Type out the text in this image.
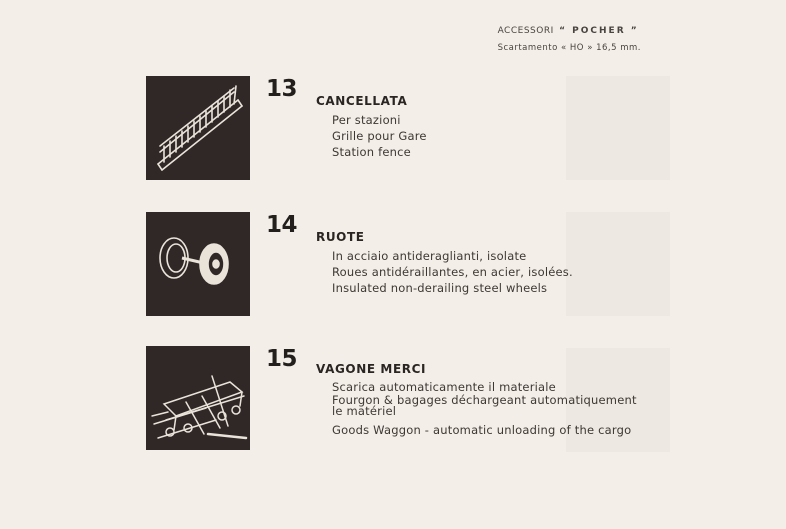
ACCESSORI “ POCHER ”
Scartamento « HO » 16,5 mm.
13 CANCELLATA
Per stazioni
Grille pour Gare
Station fence
14 RUOTE
In acciaio antideraglianti, isolate
Roues antidéraillantes, en acier, isolées.
Insulated non-derailing steel wheels
15 VAGONE MERCI
Scarica automaticamente il materiale
Fourgon & bagages déchargeant automatiquement le matériel
Goods Waggon - automatic unloading of the cargo
